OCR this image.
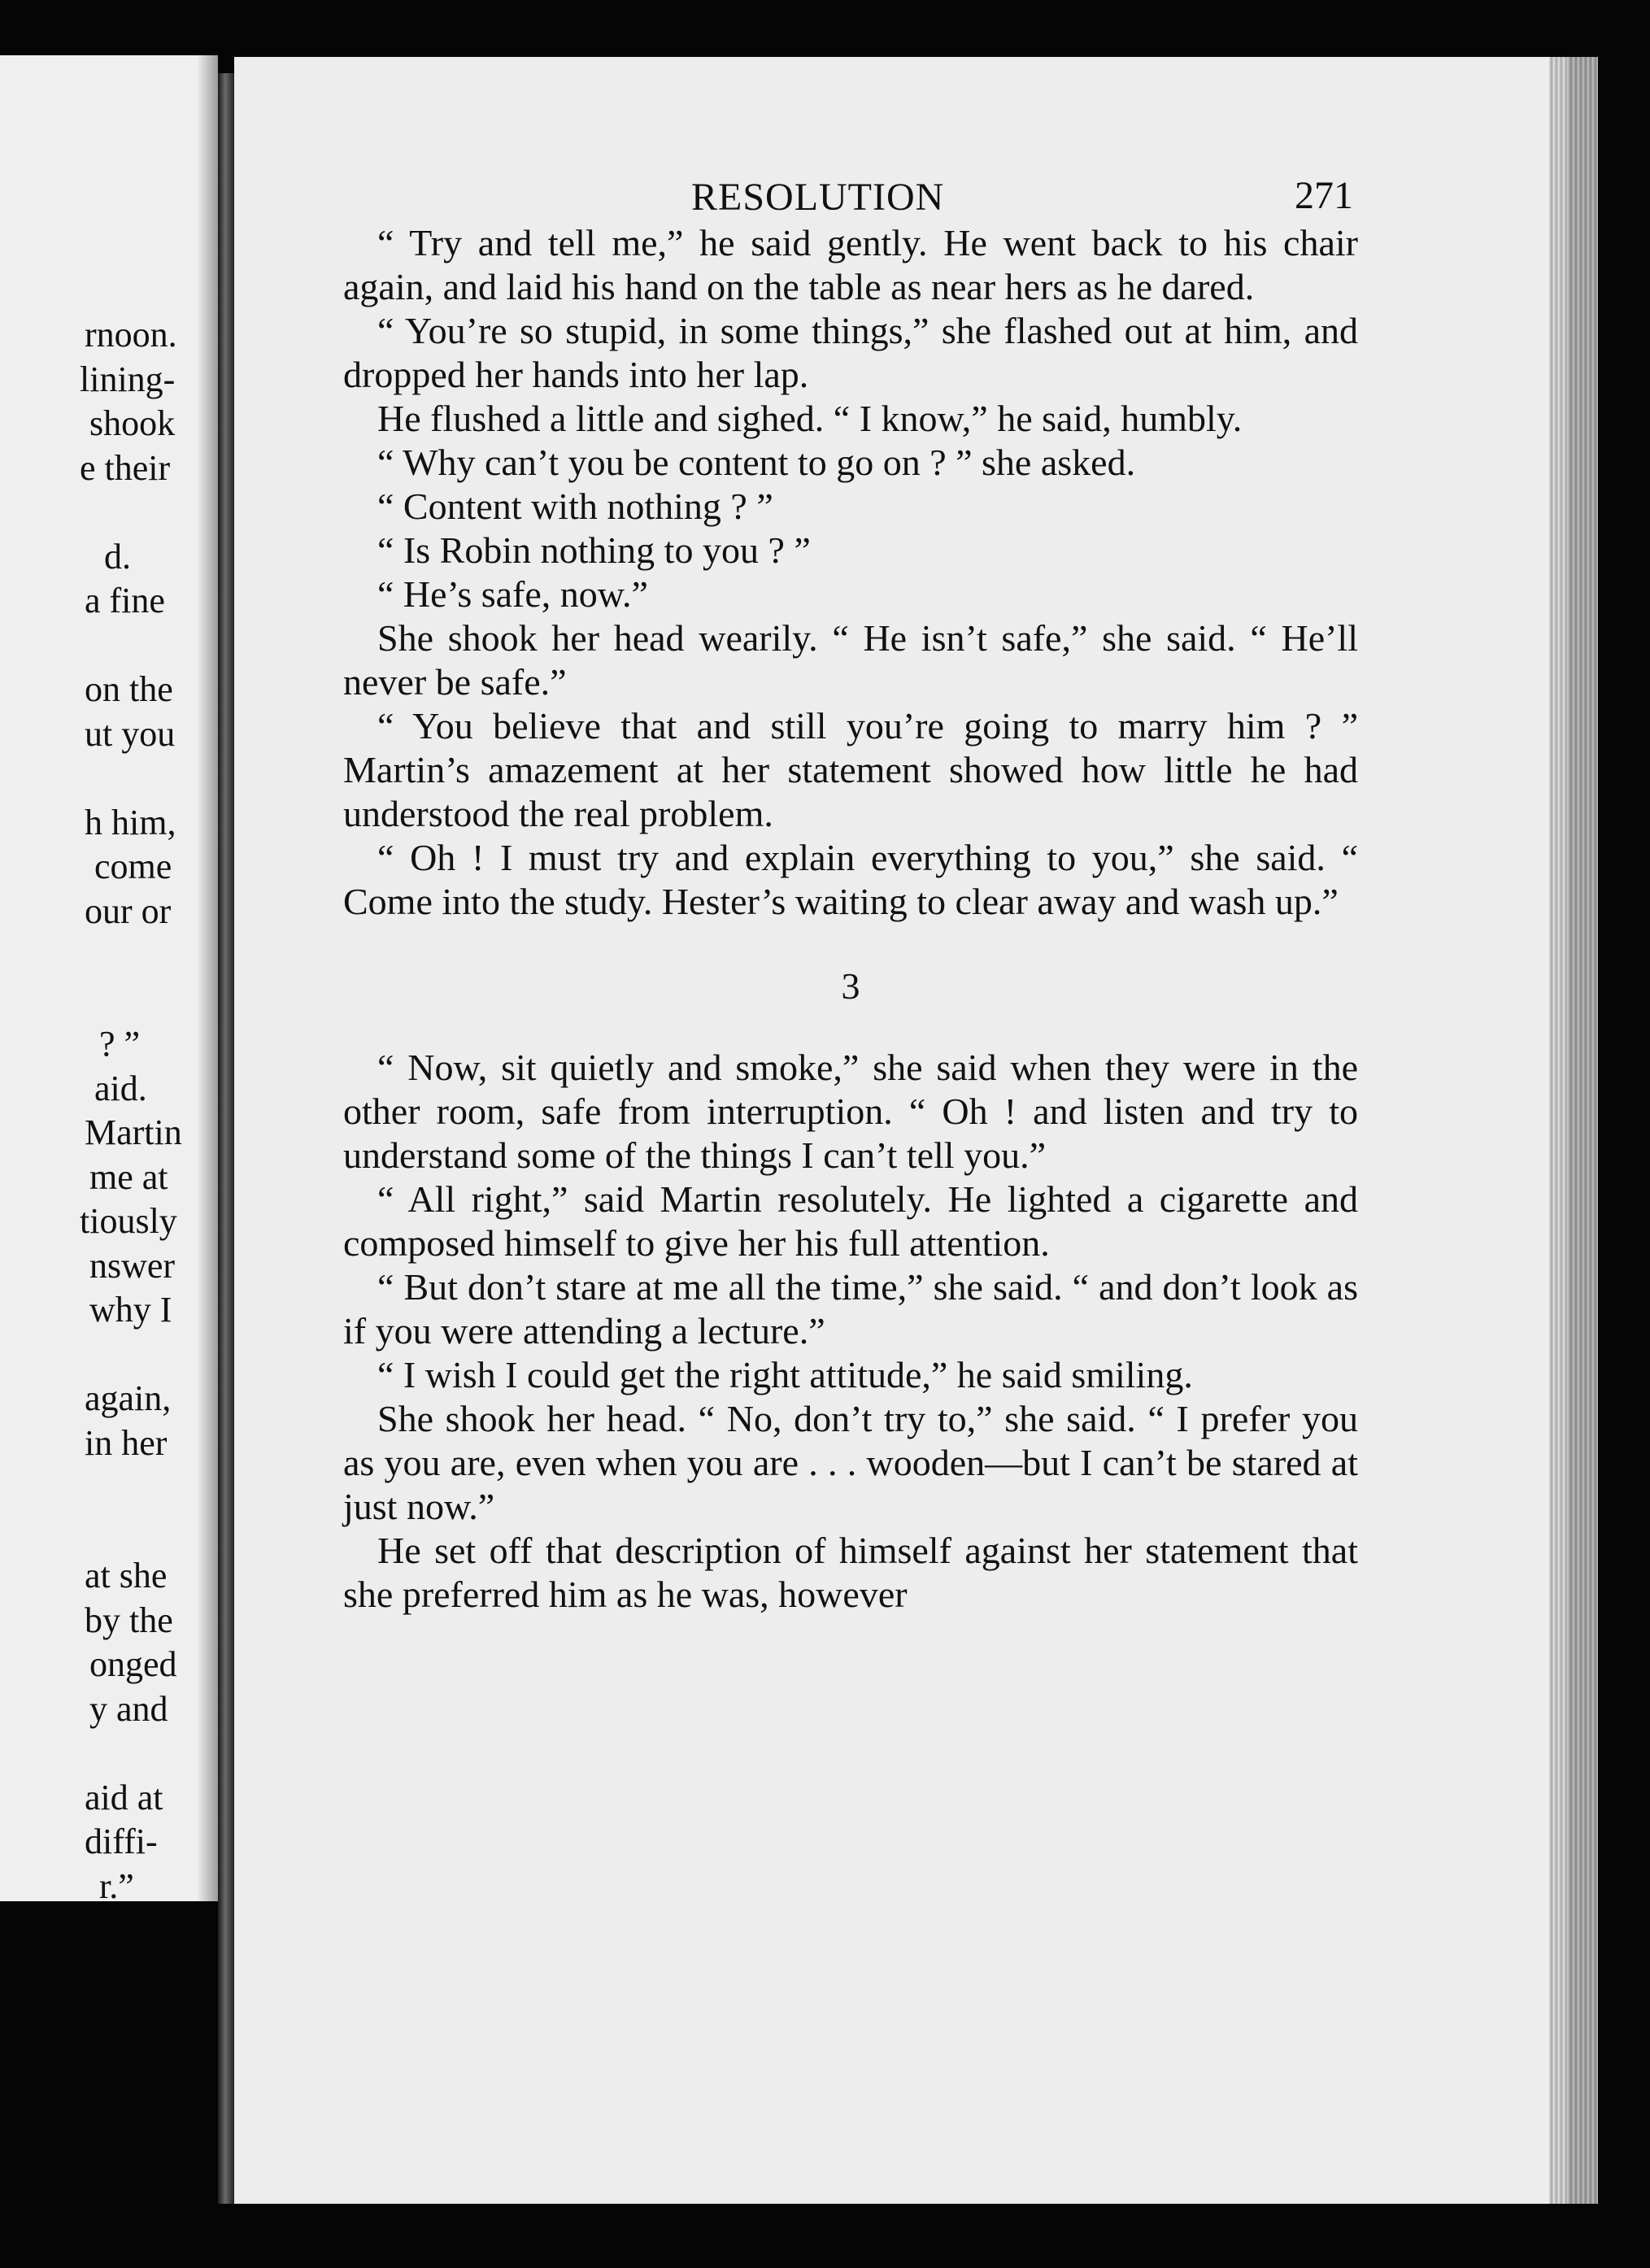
rnoon.
lining-
shook
e their
d.
a fine
on the
ut you
h him,
come
our or
? ”
aid.
Martin
me at
tiously
nswer
why I
again,
in her
at she
by the
onged
y and
aid at
diffi-
r.”
RESOLUTION	271

“ Try and tell me,” he said gently. He went back to his chair again, and laid his hand on the table as near hers as he dared.

“ You’re so stupid, in some things,” she flashed out at him, and dropped her hands into her lap.

He flushed a little and sighed. “ I know,” he said, humbly.

“ Why can’t you be content to go on ? ” she asked.

“ Content with nothing ? ”

“ Is Robin nothing to you ? ”

“ He’s safe, now.”

She shook her head wearily. “ He isn’t safe,” she said. “ He’ll never be safe.”

“ You believe that and still you’re going to marry him ? ” Martin’s amazement at her statement showed how little he had understood the real problem.

“ Oh ! I must try and explain everything to you,” she said. “ Come into the study. Hester’s waiting to clear away and wash up.”

3

“ Now, sit quietly and smoke,” she said when they were in the other room, safe from interruption. “ Oh ! and listen and try to understand some of the things I can’t tell you.”

“ All right,” said Martin resolutely. He lighted a cigarette and composed himself to give her his full attention.

“ But don’t stare at me all the time,” she said. “ and don’t look as if you were attending a lecture.”

“ I wish I could get the right attitude,” he said smiling.

She shook her head. “ No, don’t try to,” she said. “ I prefer you as you are, even when you are . . . wooden—but I can’t be stared at just now.”

He set off that description of himself against her statement that she preferred him as he was, however
